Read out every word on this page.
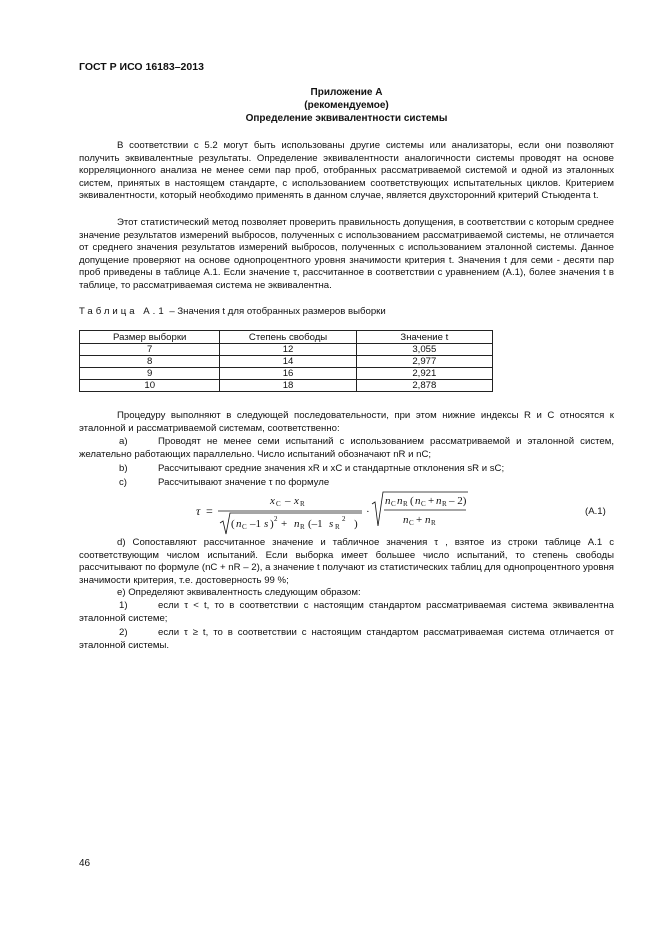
ГОСТ Р ИСО 16183–2013
Приложение А
(рекомендуемое)
Определение эквивалентности системы

В соответствии с 5.2 могут быть использованы другие системы или анализаторы, если они позволяют получить эквивалентные результаты. Определение эквивалентности аналогичности системы проводят на основе корреляционного анализа не менее семи пар проб, отобранных рассматриваемой системой и одной из эталонных систем, принятых в настоящем стандарте, с использованием соответствующих испытательных циклов. Критерием эквивалентности, который необходимо применять в данном случае, является двухсторонний критерий Стьюдента t.

Этот статистический метод позволяет проверить правильность допущения, в соответствии с которым среднее значение результатов измерений выбросов, полученных с использованием рассматриваемой системы, не отличается от среднего значения результатов измерений выбросов, полученных с использованием эталонной системы. Данное допущение проверяют на основе однопроцентного уровня значимости критерия t. Значения t для семи - десяти пар проб приведены в таблице А.1. Если значение τ, рассчитанное в соответствии с уравнением (А.1), более значения t в таблице, то рассматриваемая система не эквивалентна.

Таблица А.1 – Значения t для отобранных размеров выборки
Размер выборки	Степень свободы	Значение t
7	12	3,055
8	14	2,977
9	16	2,921
10	18	2,878

Процедуру выполняют в следующей последовательности, при этом нижние индексы R и C относятся к эталонной и рассматриваемой системам, соответственно:

a)	Проводят не менее семи испытаний с использованием рассматриваемой и эталонной систем, желательно работающих параллельно. Число испытаний обозначают nR и nC;
b)	Рассчитывают средние значения xR и xC и стандартные отклонения sR и sC;
c)	Рассчитывают значение τ по формуле
τ =
x C – x R
( n C –1 s ) 2 + n R (–1 s R
2 )
·
n C n R ( n C + n R – 2)
n C + n R
(А.1)

d) Сопоставляют рассчитанное значение и табличное значения τ , взятое из строки таблице А.1 с соответствующим числом испытаний. Если выборка имеет большее число испытаний, то степень свободы рассчитывают по формуле (nC + nR – 2), а значение t получают из статистических таблиц для однопроцентного уровня значимости критерия, т.е. достоверность 99 %;

е) Определяют эквивалентность следующим образом:

1)	если τ < t, то в соответствии с настоящим стандартом рассматриваемая система эквивалентна эталонной системе;
2)	если τ ≥ t, то в соответствии с настоящим стандартом рассматриваемая система отличается от эталонной системы.
46
